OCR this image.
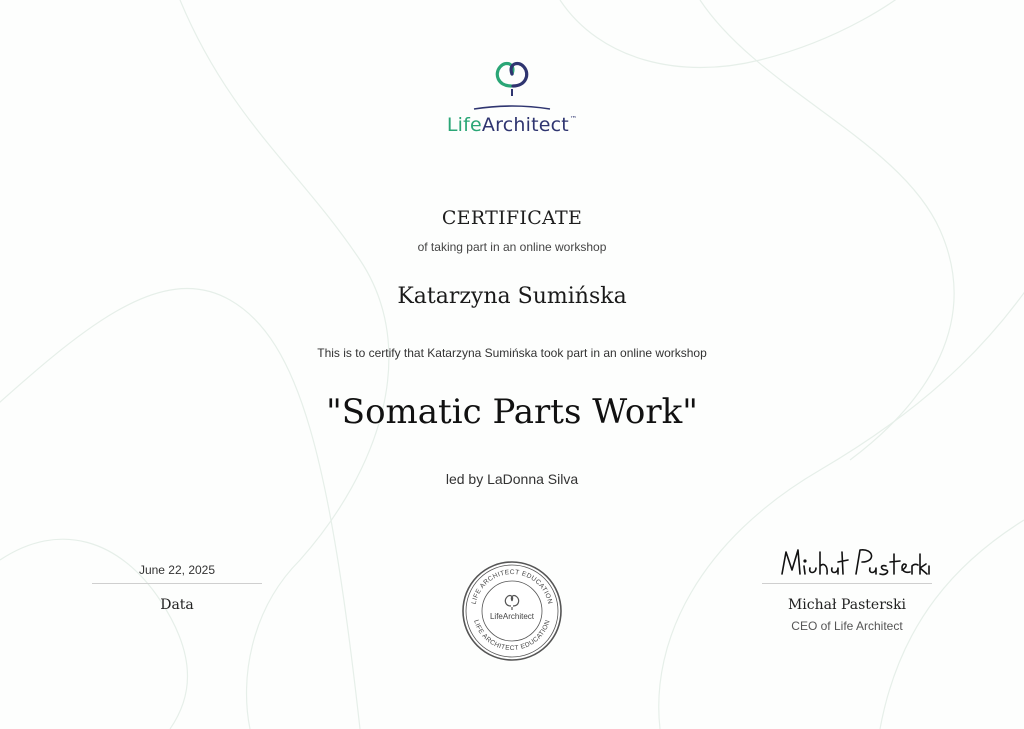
LifeArchitect™
CERTIFICATE
of taking part in an online workshop
Katarzyna Sumińska
This is to certify that Katarzyna Sumińska took part in an online workshop
"Somatic Parts Work"
led by LaDonna Silva
June 22, 2025
Data	Michał Pasterski
CEO of Life Architect
LIFE ARCHITECT EDUCATION
LIFE ARCHITECT EDUCATION
LifeArchitect
